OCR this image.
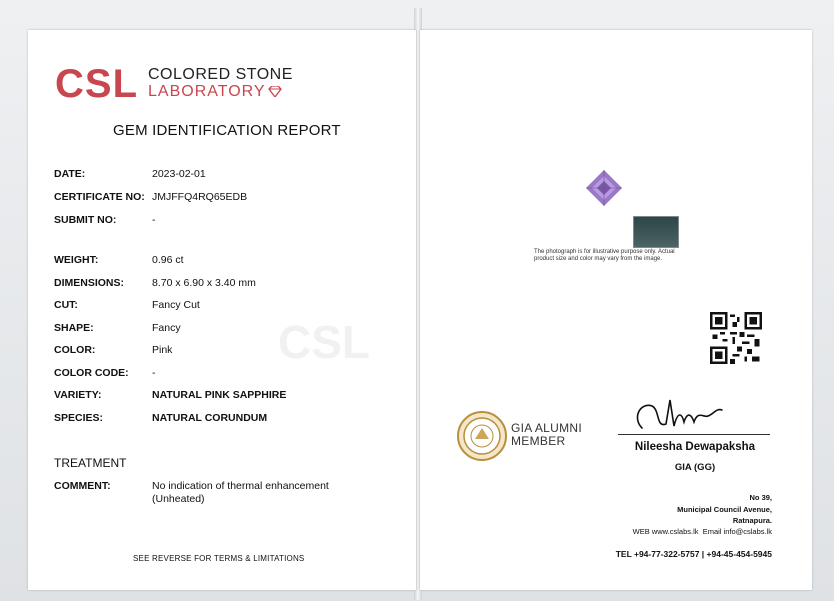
CSL
CSL COLORED STONE
LABORATORY
GEM IDENTIFICATION REPORT
DATE:	2023-02-01
CERTIFICATE NO: JMJFFQ4RQ65EDB
SUBMIT NO:	-
WEIGHT:	0.96 ct
DIMENSIONS:	8.70 x 6.90 x 3.40 mm
CUT:	Fancy Cut
SHAPE:	Fancy
COLOR:	Pink
COLOR CODE: -
VARIETY:	NATURAL PINK SAPPHIRE
SPECIES:	NATURAL CORUNDUM
TREATMENT
COMMENT:	No indication of thermal enhancement
(Unheated)
SEE REVERSE FOR TERMS & LIMITATIONS
The photograph is for illustrative purpose only. Actual product size and color may vary from the image.
Nileesha Dewapaksha
GIA (GG)
GIA ALUMNI
MEMBER
No 39,
Municipal Council Avenue,
Ratnapura.
WEB www.cslabs.lk Email info@cslabs.lk
TEL +94-77-322-5757 | +94-45-454-5945
